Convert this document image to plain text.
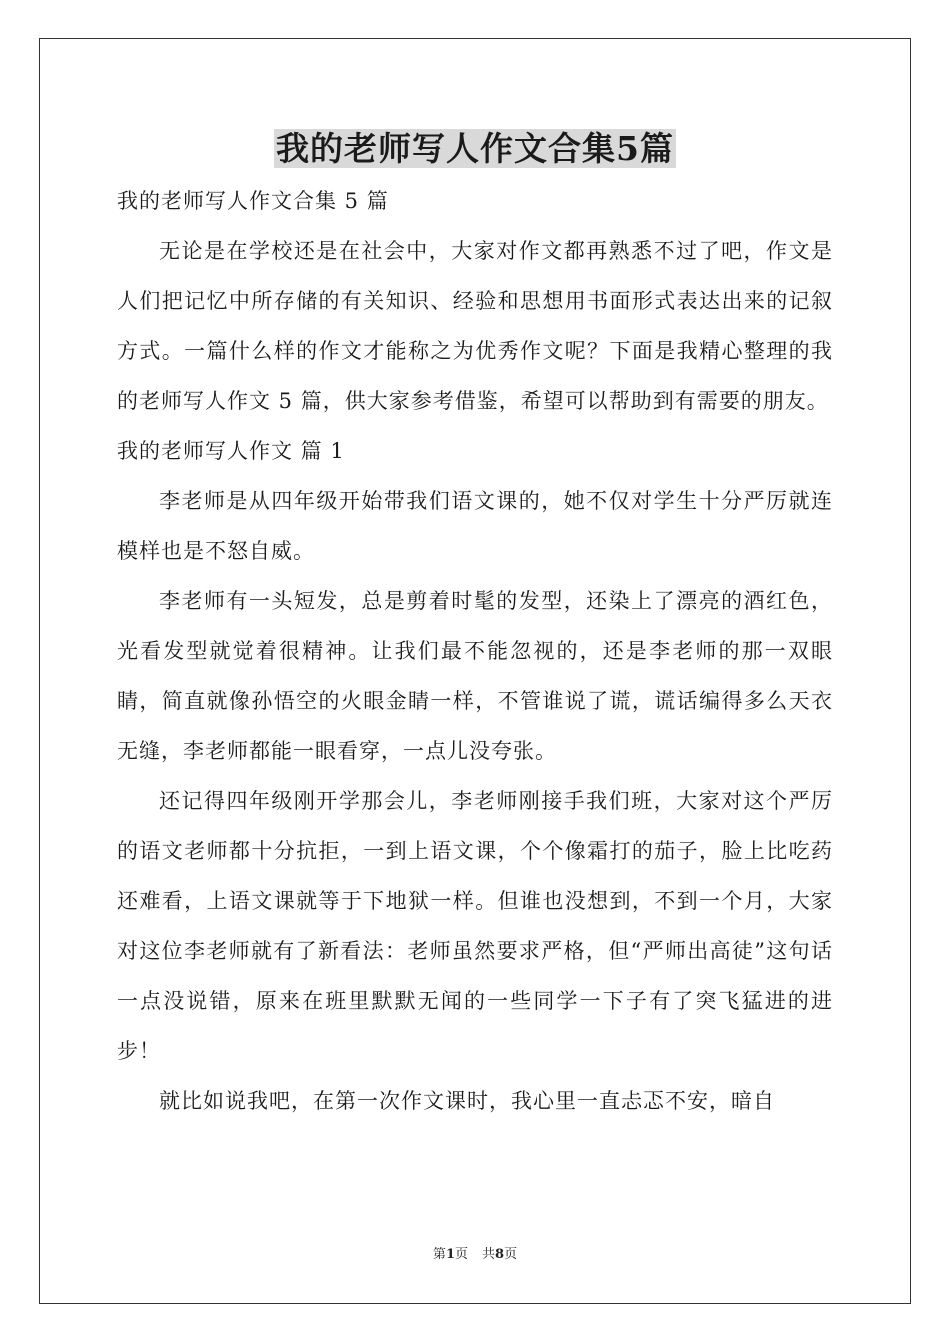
我的老师写人作文合集5篇

我的老师写人作文合集 5 篇

无论是在学校还是在社会中，大家对作文都再熟悉不过了吧，作文是人们把记忆中所存储的有关知识、经验和思想用书面形式表达出来的记叙方式。一篇什么样的作文才能称之为优秀作文呢？下面是我精心整理的我的老师写人作文 5 篇，供大家参考借鉴，希望可以帮助到有需要的朋友。

我的老师写人作文 篇 1

李老师是从四年级开始带我们语文课的，她不仅对学生十分严厉就连模样也是不怒自威。

李老师有一头短发，总是剪着时髦的发型，还染上了漂亮的酒红色，光看发型就觉着很精神。让我们最不能忽视的，还是李老师的那一双眼睛，简直就像孙悟空的火眼金睛一样，不管谁说了谎，谎话编得多么天衣无缝，李老师都能一眼看穿，一点儿没夸张。

还记得四年级刚开学那会儿，李老师刚接手我们班，大家对这个严厉的语文老师都十分抗拒，一到上语文课，个个像霜打的茄子，脸上比吃药还难看，上语文课就等于下地狱一样。但谁也没想到，不到一个月，大家对这位李老师就有了新看法：老师虽然要求严格，但“严师出高徒”这句话一点没说错，原来在班里默默无闻的一些同学一下子有了突飞猛进的进步！

就比如说我吧，在第一次作文课时，我心里一直忐忑不安，暗自

第1页 共8页
